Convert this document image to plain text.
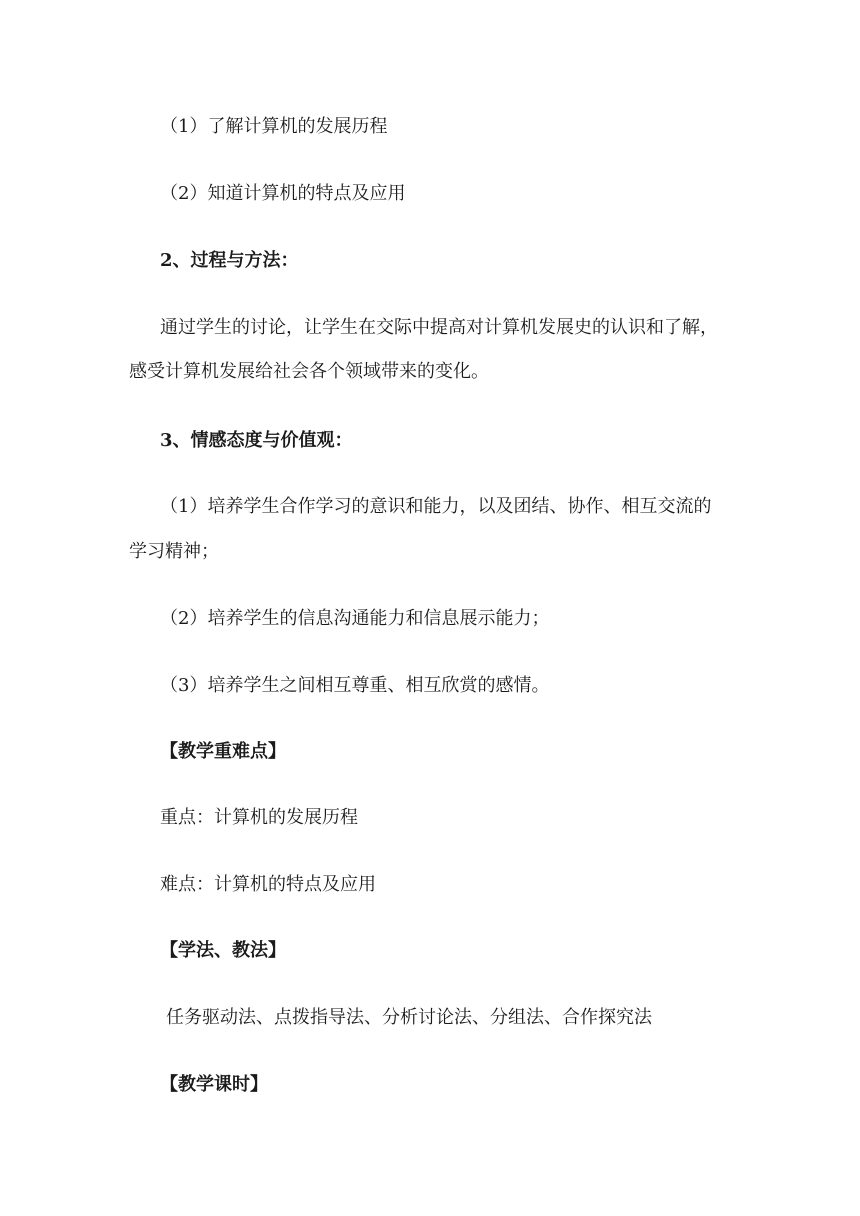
（1）了解计算机的发展历程
（2）知道计算机的特点及应用
2、过程与方法：
通过学生的讨论，让学生在交际中提高对计算机发展史的认识和了解，
感受计算机发展给社会各个领域带来的变化。
3、情感态度与价值观：
（1）培养学生合作学习的意识和能力，以及团结、协作、相互交流的
学习精神；
（2）培养学生的信息沟通能力和信息展示能力；
（3）培养学生之间相互尊重、相互欣赏的感情。
【教学重难点】
重点：计算机的发展历程
难点：计算机的特点及应用
【学法、教法】
任务驱动法、点拨指导法、分析讨论法、分组法、合作探究法
【教学课时】
